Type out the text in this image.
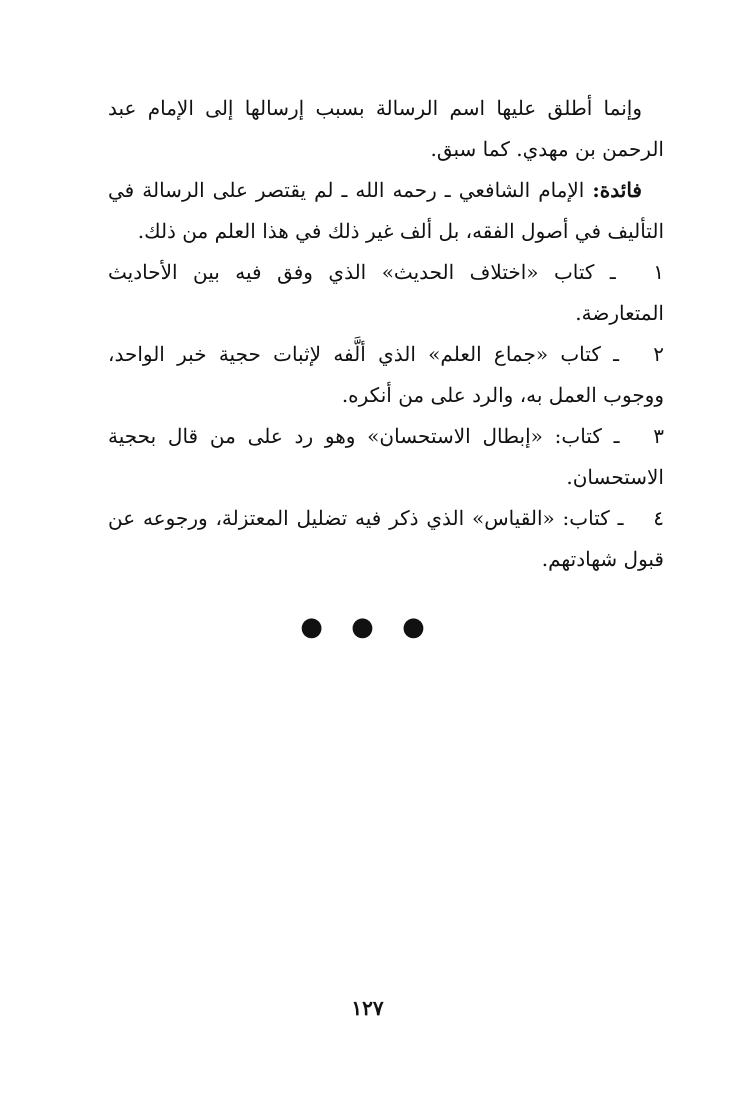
وإنما أطلق عليها اسم الرسالة بسبب إرسالها إلى الإمام عبد الرحمن بن مهدي. كما سبق.

فائدة: الإمام الشافعي ـ رحمه الله ـ لم يقتصر على الرسالة في التأليف في أصول الفقه، بل ألف غير ذلك في هذا العلم من ذلك.

١ ـ كتاب «اختلاف الحديث» الذي وفق فيه بين الأحاديث المتعارضة.

٢ ـ كتاب «جماع العلم» الذي ألَّفه لإثبات حجية خبر الواحد، ووجوب العمل به، والرد على من أنكره.

٣ ـ كتاب: «إبطال الاستحسان» وهو رد على من قال بحجية الاستحسان.

٤ ـ كتاب: «القياس» الذي ذكر فيه تضليل المعتزلة، ورجوعه عن قبول شهادتهم.

● ● ●
١٢٧
